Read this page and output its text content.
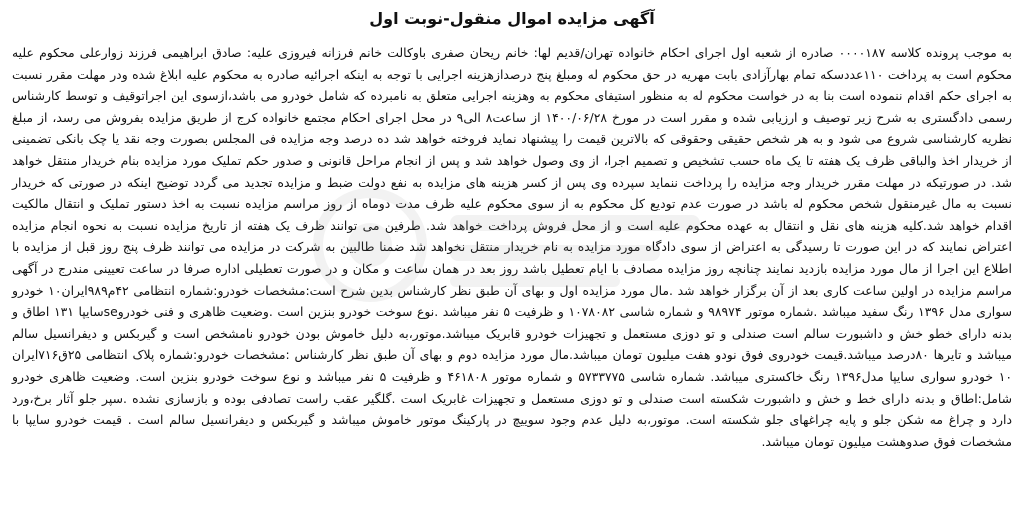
آگهی مزایده اموال منقول-نوبت اول

به موجب پرونده کلاسه ۰۰۰۰۱۸۷ صادره از شعبه اول اجرای احکام خانواده تهران/قدیم لها: خانم ریحان صفری باوکالت خانم فرزانه فیروزی علیه: صادق ابراهیمی فرزند زوارعلی محکوم علیه محکوم است به پرداخت ۱۱۰عددسکه تمام بهارآزادی بابت مهریه در حق محکوم له ومبلغ پنج درصدازهزینه اجرایی با توجه به اینکه اجرائیه صادره به محکوم علیه ابلاغ شده ودر مهلت مقرر نسبت به اجرای حکم اقدام ننموده است بنا به در خواست محکوم له به منظور استیفای محکوم به وهزینه اجرایی متعلق به نامبرده که شامل خودرو می باشد،ازسوی این اجراتوقیف و توسط کارشناس رسمی دادگستری به شرح زیر توصیف و ارزیابی شده و مقرر است در مورخ ۱۴۰۰/۰۶/۲۸ از ساعت۸ الی۹ در محل اجرای احکام مجتمع خانواده کرج از طریق مزایده بفروش می رسد، از مبلغ نظریه کارشناسی شروع می شود و به هر شخص حقیقی وحقوقی که بالاترین قیمت را پیشنهاد نماید فروخته خواهد شد ده درصد وجه مزایده فی المجلس بصورت وجه نقد یا چک بانکی تضمینی از خریدار اخذ والباقی ظرف یک هفته تا یک ماه حسب تشخیص و تصمیم اجرا، از وی وصول خواهد شد و پس از انجام مراحل قانونی و صدور حکم تملیک مورد مزایده بنام خریدار منتقل خواهد شد. در صورتیکه در مهلت مقرر خریدار وجه مزایده را پرداخت ننماید سپرده وی پس از کسر هزینه های مزایده به نفع دولت ضبط و مزایده تجدید می گردد توضیح اینکه در صورتی که خریدار نسبت به مال غیرمنقول شخص محکوم له باشد در صورت عدم تودیع کل محکوم به از سوی محکوم علیه ظرف مدت دوماه از روز مراسم مزایده نسبت به اخذ دستور تملیک و انتقال مالکیت اقدام خواهد شد.کلیه هزینه های نقل و انتقال به عهده محکوم علیه است و از محل فروش پرداخت خواهد شد. طرفین می توانند ظرف یک هفته از تاریخ مزایده نسبت به نحوه انجام مزایده اعتراض نمایند که در این صورت تا رسیدگی به اعتراض از سوی دادگاه مورد مزایده به نام خریدار منتقل نخواهد شد ضمنا طالبین به شرکت در مزایده می توانند ظرف پنج روز قبل از مزایده با اطلاع این اجرا از مال مورد مزایده بازدید نمایند چنانچه روز مزایده مصادف با ایام تعطیل باشد روز بعد در همان ساعت و مکان و در صورت تعطیلی اداره صرفا در ساعت تعیینی مندرج در آگهی مراسم مزایده در اولین ساعت کاری بعد از آن برگزار خواهد شد .مال مورد مزایده اول و بهای آن طبق نظر کارشناس بدین شرح است:مشخصات خودرو:شماره انتظامی ۴۲م۹۸۹ایران۱۰ خودرو سواری مدل ۱۳۹۶ رنگ سفید میباشد .شماره موتور ۹۸۹۷۴ و شماره شاسی ۱۰۷۸۰۸۲ و ظرفیت ۵ نفر میباشد .نوع سوخت خودرو بنزین است .وضعیت ظاهری و فنی خودروseسایپا ۱۳۱ اطاق و بدنه دارای خطو خش و داشبورت سالم است صندلی و تو دوزی مستعمل و تجهیزات خودرو قابریک میباشد.موتور،به دلیل خاموش بودن خودرو نامشخص است و گیربکس و دیفرانسیل سالم میباشد و تایرها ۸۰درصد میباشد.قیمت خودروی فوق نودو هفت میلیون تومان میباشد.مال مورد مزایده دوم و بهای آن طبق نظر کارشناس :مشخصات خودرو:شماره پلاک انتظامی ۲۵ق۷۱۶ایران ۱۰ خودرو سواری سایپا مدل۱۳۹۶ رنگ خاکستری میباشد. شماره شاسی ۵۷۳۳۷۷۵ و شماره موتور ۴۶۱۸۰۸ و ظرفیت ۵ نفر میباشد و نوع سوخت خودرو بنزین است. وضعیت ظاهری خودرو شامل:اطاق و بدنه دارای خط و خش و داشبورت شکسته است صندلی و تو دوزی مستعمل و تجهیزات غابریک است .گلگیر عقب راست تصادفی بوده و بازسازی نشده .سپر جلو آثار برخ،ورد دارد و چراغ مه شکن جلو و پایه چراغهای جلو شکسته است. موتور،به دلیل عدم وجود سوییچ در پارکینگ موتور خاموش میباشد و گیربکس و دیفرانسیل سالم است . قیمت خودرو سایپا با مشخصات فوق صدوهشت میلیون تومان میباشد.
